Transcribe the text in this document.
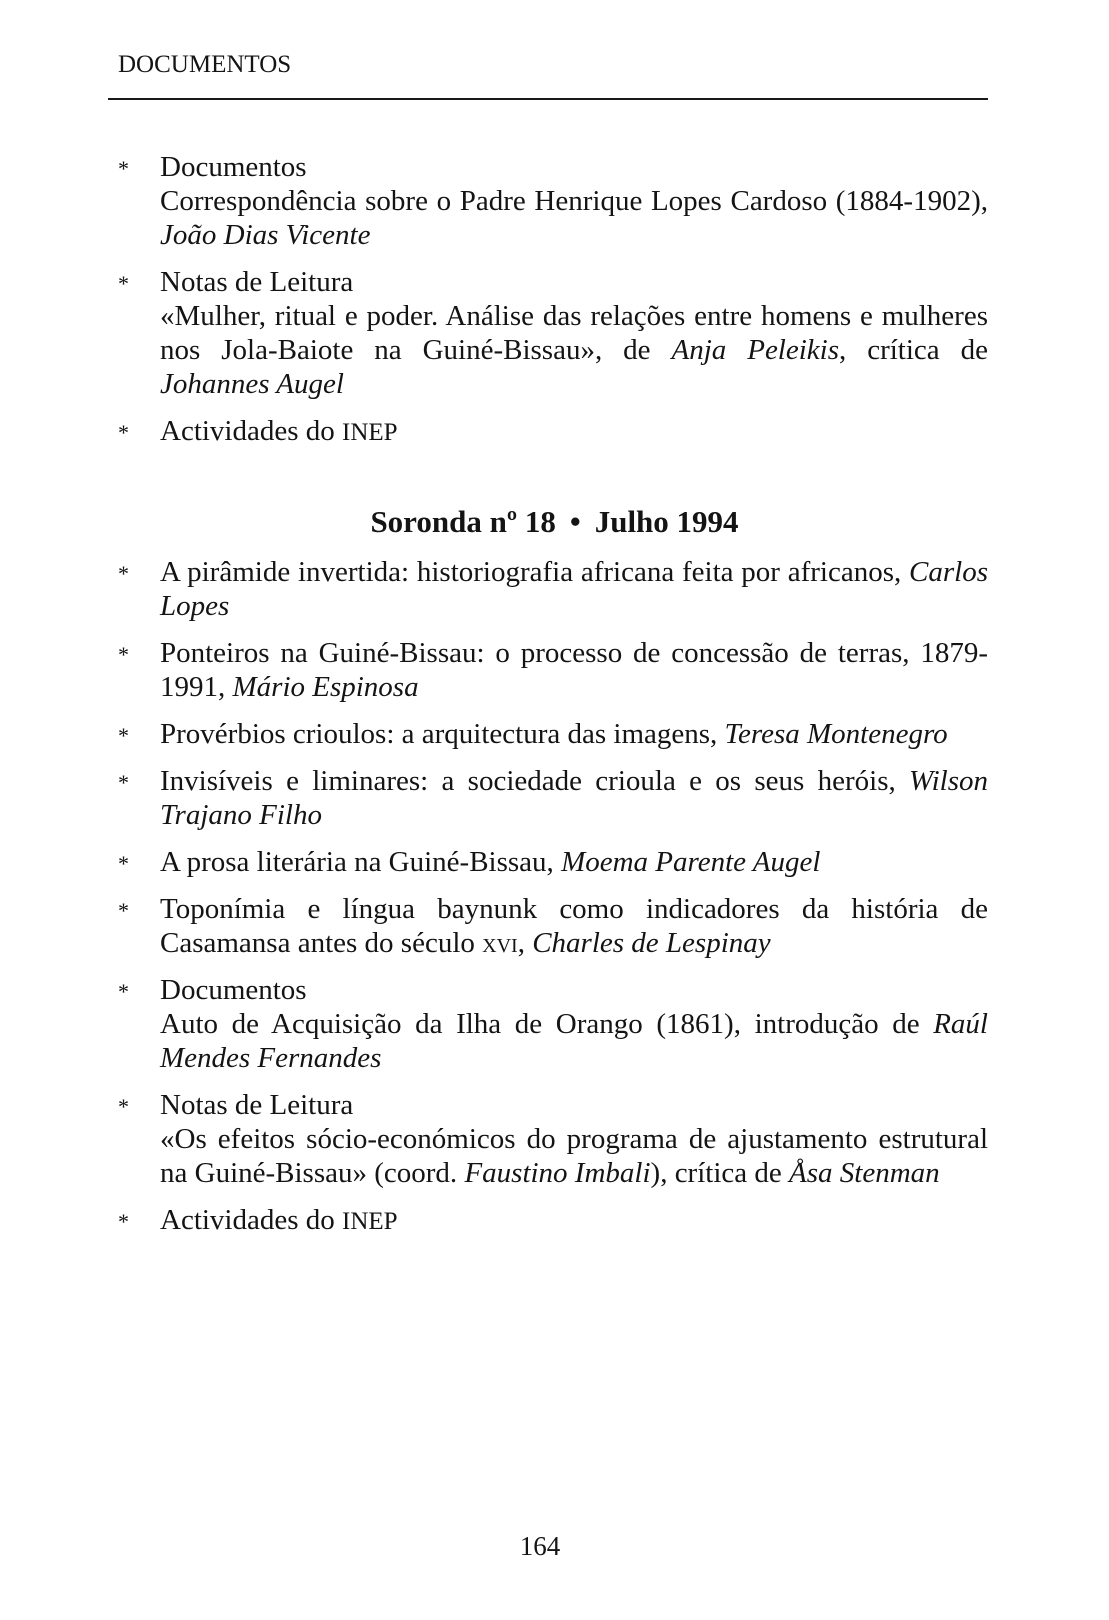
DOCUMENTOS
* Documentos
Correspondência sobre o Padre Henrique Lopes Cardoso (1884-1902), João Dias Vicente
* Notas de Leitura
«Mulher, ritual e poder. Análise das relações entre homens e mulheres nos Jola-Baiote na Guiné-Bissau», de Anja Peleikis, crítica de Johannes Augel
* Actividades do INEP
Soronda nº 18 • Julho 1994
* A pirâmide invertida: historiografia africana feita por africanos, Carlos Lopes
* Ponteiros na Guiné-Bissau: o processo de concessão de terras, 1879-1991, Mário Espinosa
* Provérbios crioulos: a arquitectura das imagens, Teresa Montenegro
* Invisíveis e liminares: a sociedade crioula e os seus heróis, Wilson Trajano Filho
* A prosa literária na Guiné-Bissau, Moema Parente Augel
* Toponímia e língua baynunk como indicadores da história de Casamansa antes do século xvi, Charles de Lespinay
* Documentos
Auto de Acquisição da Ilha de Orango (1861), introdução de Raúl Mendes Fernandes
* Notas de Leitura
«Os efeitos sócio-económicos do programa de ajustamento estrutural na Guiné-Bissau» (coord. Faustino Imbali), crítica de Åsa Stenman
* Actividades do INEP
164
